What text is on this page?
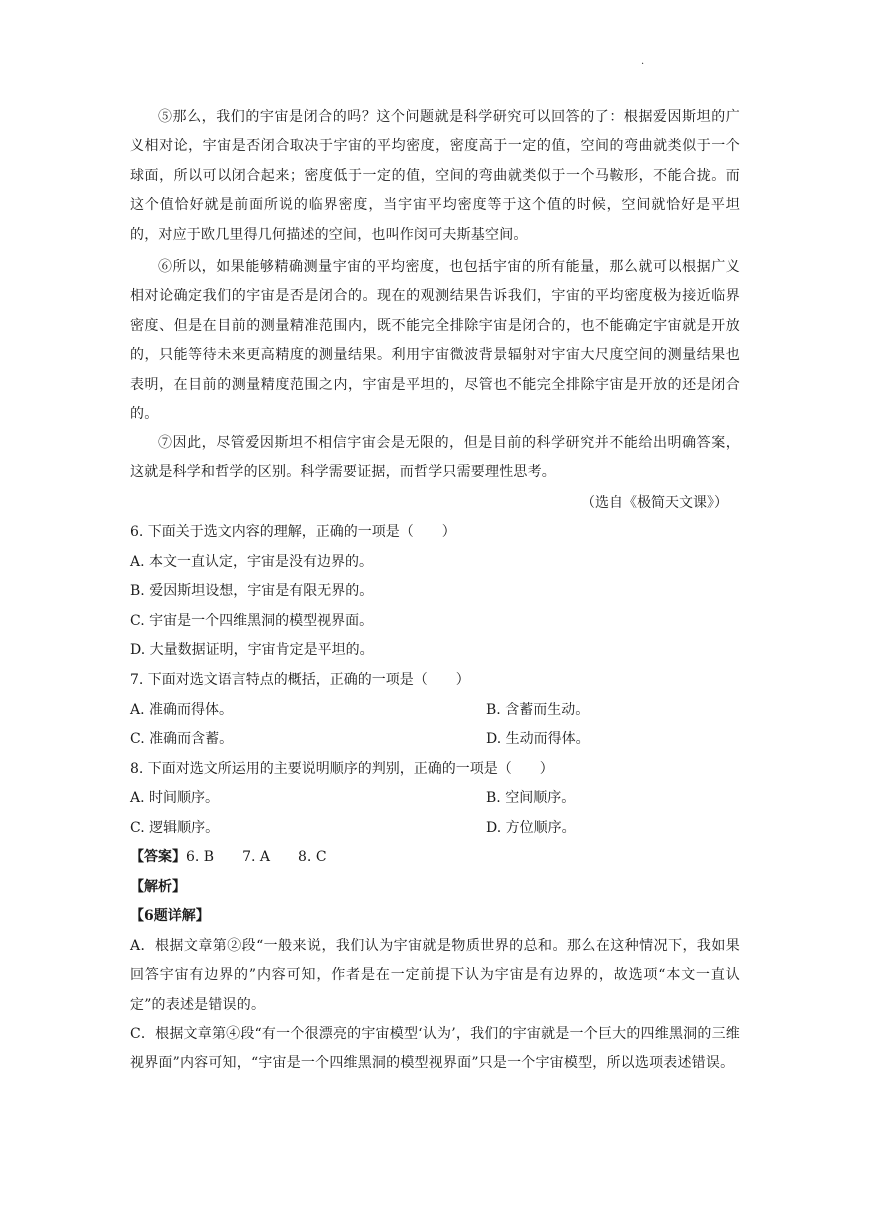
.
⑤那么，我们的宇宙是闭合的吗？这个问题就是科学研究可以回答的了：根据爱因斯坦的广义相对论，宇宙是否闭合取决于宇宙的平均密度，密度高于一定的值，空间的弯曲就类似于一个球面，所以可以闭合起来；密度低于一定的值，空间的弯曲就类似于一个马鞍形，不能合拢。而这个值恰好就是前面所说的临界密度，当宇宙平均密度等于这个值的时候，空间就恰好是平坦的，对应于欧几里得几何描述的空间，也叫作闵可夫斯基空间。
⑥所以，如果能够精确测量宇宙的平均密度，也包括宇宙的所有能量，那么就可以根据广义相对论确定我们的宇宙是否是闭合的。现在的观测结果告诉我们，宇宙的平均密度极为接近临界密度、但是在目前的测量精准范围内，既不能完全排除宇宙是闭合的，也不能确定宇宙就是开放的，只能等待未来更高精度的测量结果。利用宇宙微波背景辐射对宇宙大尺度空间的测量结果也表明，在目前的测量精度范围之内，宇宙是平坦的，尽管也不能完全排除宇宙是开放的还是闭合的。
⑦因此，尽管爱因斯坦不相信宇宙会是无限的，但是目前的科学研究并不能给出明确答案，这就是科学和哲学的区别。科学需要证据，而哲学只需要理性思考。
（选自《极简天文课》）
6. 下面关于选文内容的理解，正确的一项是（　　）
A. 本文一直认定，宇宙是没有边界的。
B. 爱因斯坦设想，宇宙是有限无界的。
C. 宇宙是一个四维黑洞的模型视界面。
D. 大量数据证明，宇宙肯定是平坦的。
7. 下面对选文语言特点的概括，正确的一项是（　　）
A. 准确而得体。	B. 含蓄而生动。
C. 准确而含蓄。	D. 生动而得体。
8. 下面对选文所运用的主要说明顺序的判别，正确的一项是（　　）
A. 时间顺序。	B. 空间顺序。
C. 逻辑顺序。	D. 方位顺序。
【答案】6. B　　7. A　　8. C
【解析】
【6题详解】
A．根据文章第②段“一般来说，我们认为宇宙就是物质世界的总和。那么在这种情况下，我如果回答宇宙有边界的”内容可知，作者是在一定前提下认为宇宙是有边界的，故选项“本文一直认定”的表述是错误的。
C．根据文章第④段“有一个很漂亮的宇宙模型‘认为’，我们的宇宙就是一个巨大的四维黑洞的三维视界面”内容可知，“宇宙是一个四维黑洞的模型视界面”只是一个宇宙模型，所以选项表述错误。
